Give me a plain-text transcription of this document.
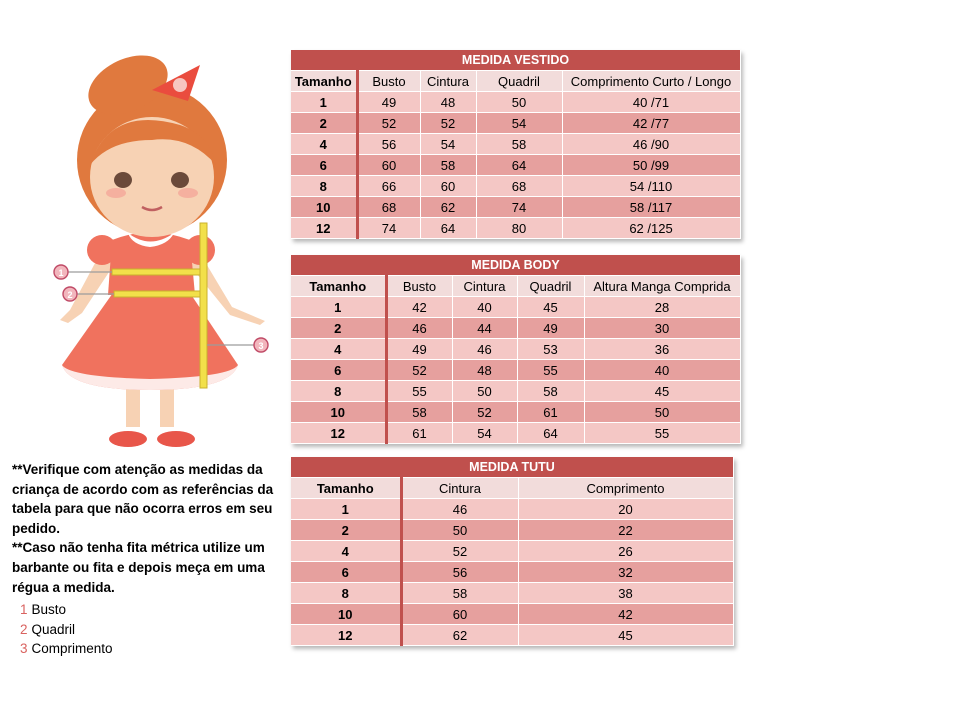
1
2
3
MEDIDA VESTIDO				
Tamanho	Busto	Cintura	Quadril	Comprimento Curto / Longo
1	49	48	50	40 /71
2	52	52	54	42 /77
4	56	54	58	46 /90
6	60	58	64	50 /99
8	66	60	68	54 /110
10	68	62	74	58 /117
12	74	64	80	62 /125
MEDIDA BODY				
Tamanho	Busto	Cintura	Quadril	Altura Manga Comprida
1	42	40	45	28
2	46	44	49	30
4	49	46	53	36
6	52	48	55	40
8	55	50	58	45
10	58	52	61	50
12	61	54	64	55
MEDIDA TUTU		
Tamanho	Cintura	Comprimento
1	46	20
2	50	22
4	52	26
6	56	32
8	58	38
10	60	42
12	62	45

**Verifique com atenção as medidas da criança de acordo com as referências da tabela para que não ocorra erros em seu pedido.

**Caso não tenha fita métrica utilize um barbante ou fita e depois meça em uma régua a medida.

1 Busto
2 Quadril
3 Comprimento
